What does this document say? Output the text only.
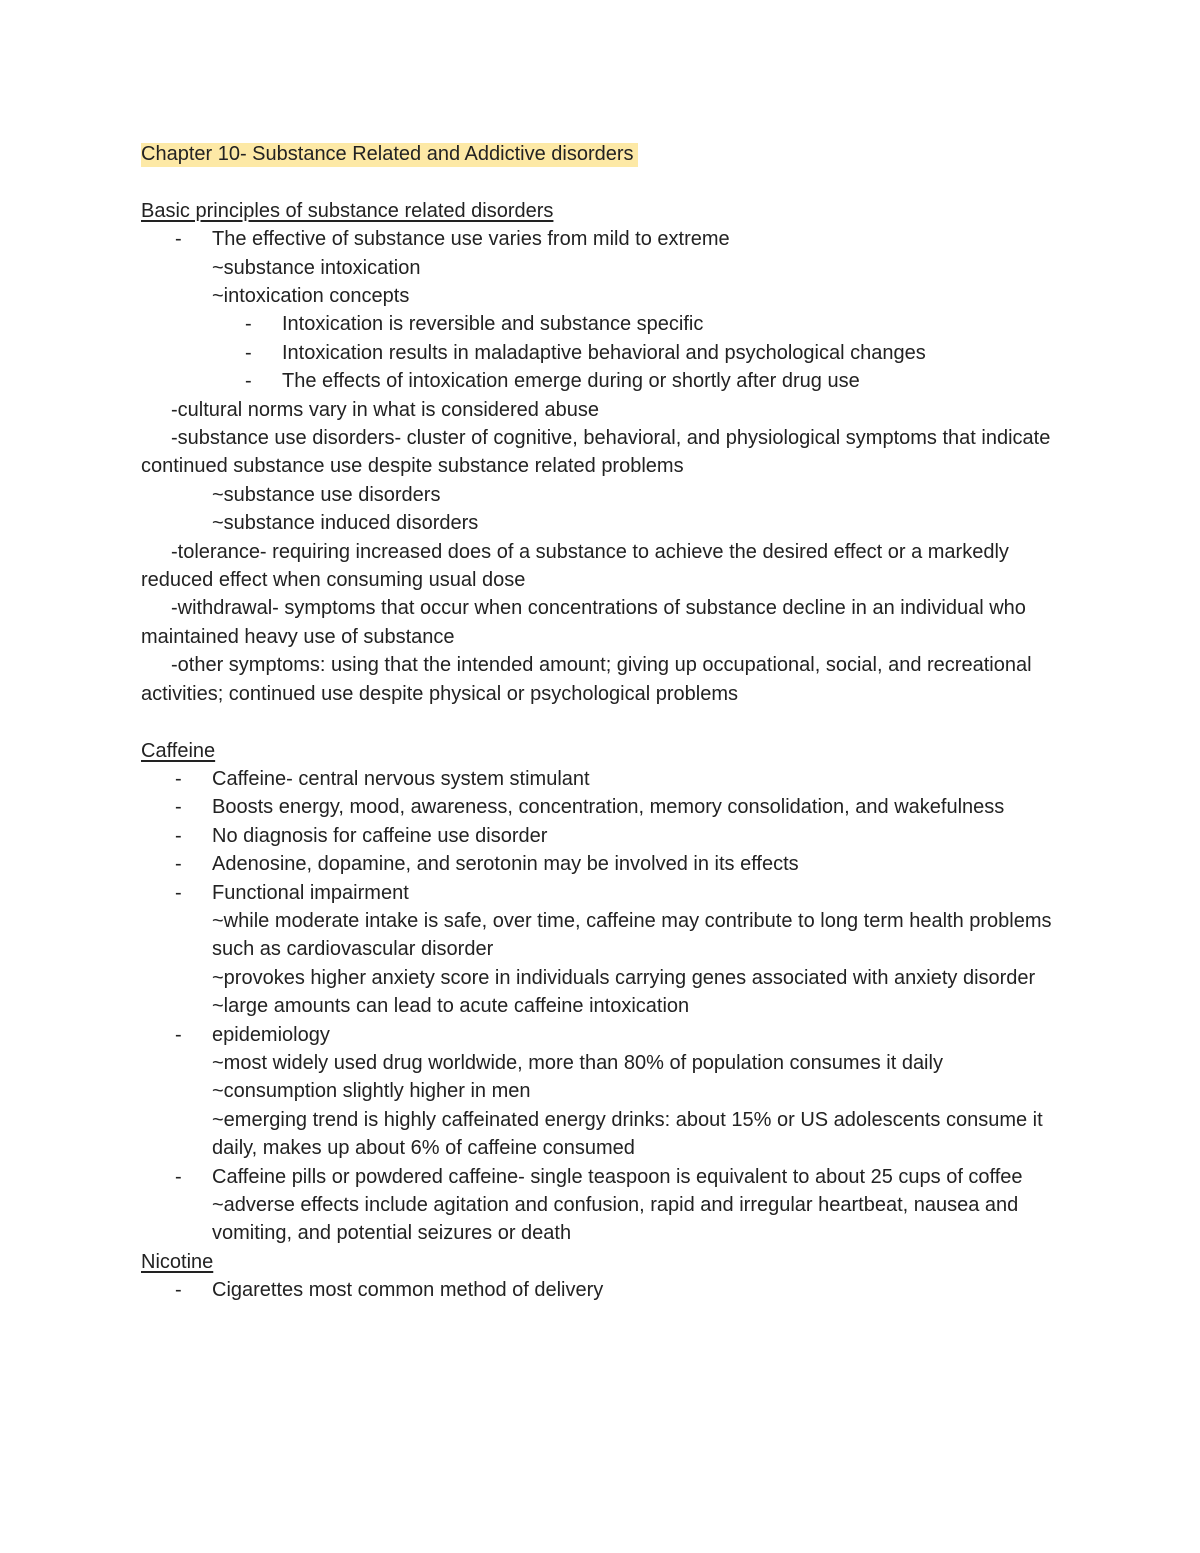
Chapter 10- Substance Related and Addictive disorders

Basic principles of substance related disorders

- The effective of substance use varies from mild to extreme

~substance intoxication

~intoxication concepts

- Intoxication is reversible and substance specific

- Intoxication results in maladaptive behavioral and psychological changes

- The effects of intoxication emerge during or shortly after drug use

-cultural norms vary in what is considered abuse

-substance use disorders- cluster of cognitive, behavioral, and physiological symptoms that indicate continued substance use despite substance related problems

~substance use disorders

~substance induced disorders

-tolerance- requiring increased does of a substance to achieve the desired effect or a markedly reduced effect when consuming usual dose

-withdrawal- symptoms that occur when concentrations of substance decline in an individual who maintained heavy use of substance

-other symptoms: using that the intended amount; giving up occupational, social, and recreational activities; continued use despite physical or psychological problems

Caffeine

- Caffeine- central nervous system stimulant

- Boosts energy, mood, awareness, concentration, memory consolidation, and wakefulness

- No diagnosis for caffeine use disorder

- Adenosine, dopamine, and serotonin may be involved in its effects

- Functional impairment

~while moderate intake is safe, over time, caffeine may contribute to long term health problems such as cardiovascular disorder

~provokes higher anxiety score in individuals carrying genes associated with anxiety disorder

~large amounts can lead to acute caffeine intoxication

- epidemiology

~most widely used drug worldwide, more than 80% of population consumes it daily

~consumption slightly higher in men

~emerging trend is highly caffeinated energy drinks: about 15% or US adolescents consume it daily, makes up about 6% of caffeine consumed

- Caffeine pills or powdered caffeine- single teaspoon is equivalent to about 25 cups of coffee

~adverse effects include agitation and confusion, rapid and irregular heartbeat, nausea and vomiting, and potential seizures or death

Nicotine

- Cigarettes most common method of delivery
